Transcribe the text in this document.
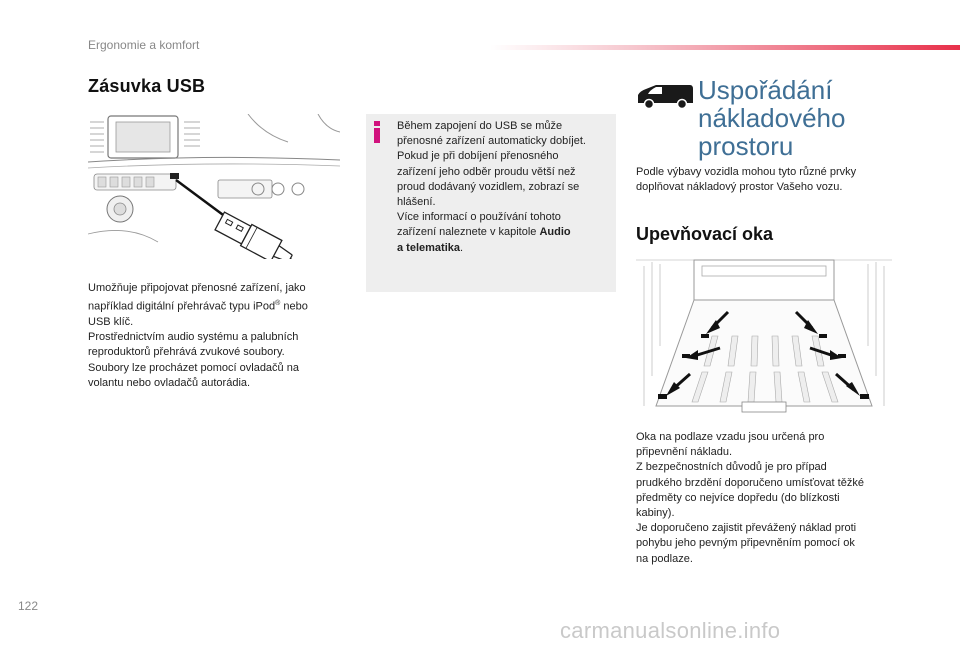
Ergonomie a komfort
Zásuvka USB

Umožňuje připojovat přenosné zařízení, jako

například digitální přehrávač typu iPod® nebo

USB klíč.

Prostřednictvím audio systému a palubních

reproduktorů přehrává zvukové soubory.

Soubory lze procházet pomocí ovladačů na

volantu nebo ovladačů autorádia.

Během zapojení do USB se může

přenosné zařízení automaticky dobíjet.

Pokud je při dobíjení přenosného

zařízení jeho odběr proudu větší než

proud dodávaný vozidlem, zobrazí se

hlášení.

Více informací o používání tohoto

zařízení naleznete v kapitole Audio

a telematika.

Uspořádání
nákladového
prostoru
Podle výbavy vozidla mohou tyto různé prvky
doplňovat nákladový prostor Vašeho vozu.
Upevňovací oka

Oka na podlaze vzadu jsou určená pro

připevnění nákladu.

Z bezpečnostních důvodů je pro případ

prudkého brzdění doporučeno umísťovat těžké

předměty co nejvíce dopředu (do blízkosti

kabiny).

Je doporučeno zajistit převážený náklad proti

pohybu jeho pevným připevněním pomocí ok

na podlaze.

122
carmanualsonline.info
